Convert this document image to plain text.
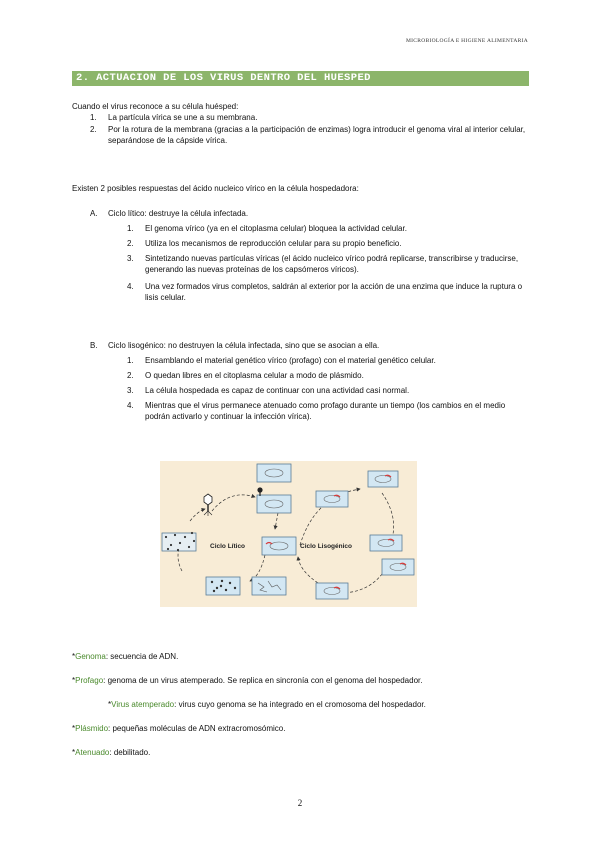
MICROBIOLOGÍA E HIGIENE ALIMENTARIA
2. ACTUACION DE LOS VIRUS DENTRO DEL HUESPED
Cuando el virus reconoce a su célula huésped:
1. La partícula vírica se une a su membrana.
2. Por la rotura de la membrana (gracias a la participación de enzimas) logra introducir el genoma viral al interior celular, separándose de la cápside vírica.
Existen 2 posibles respuestas del ácido nucleico vírico en la célula hospedadora:
A. Ciclo lítico: destruye la célula infectada.
1. El genoma vírico (ya en el citoplasma celular) bloquea la actividad celular.
2. Utiliza los mecanismos de reproducción celular para su propio beneficio.
3. Sintetizando nuevas partículas víricas (el ácido nucleico vírico podrá replicarse, transcribirse y traducirse, generando las nuevas proteínas de los capsómeros víricos).
4. Una vez formados virus completos, saldrán al exterior por la acción de una enzima que induce la ruptura o lisis celular.
B. Ciclo lisogénico: no destruyen la célula infectada, sino que se asocian a ella.
1. Ensamblando el material genético vírico (profago) con el material genético celular.
2. O quedan libres en el citoplasma celular a modo de plásmido.
3. La célula hospedada es capaz de continuar con una actividad casi normal.
4. Mientras que el virus permanece atenuado como profago durante un tiempo (los cambios en el medio podrán activarlo y continuar la infección vírica).
Ciclo Lítico	Ciclo Lisogénico
*Genoma: secuencia de ADN.
*Profago: genoma de un virus atemperado. Se replica en sincronía con el genoma del hospedador.
*Virus atemperado: virus cuyo genoma se ha integrado en el cromosoma del hospedador.
*Plásmido: pequeñas moléculas de ADN extracromosómico.
*Atenuado: debilitado.
2
